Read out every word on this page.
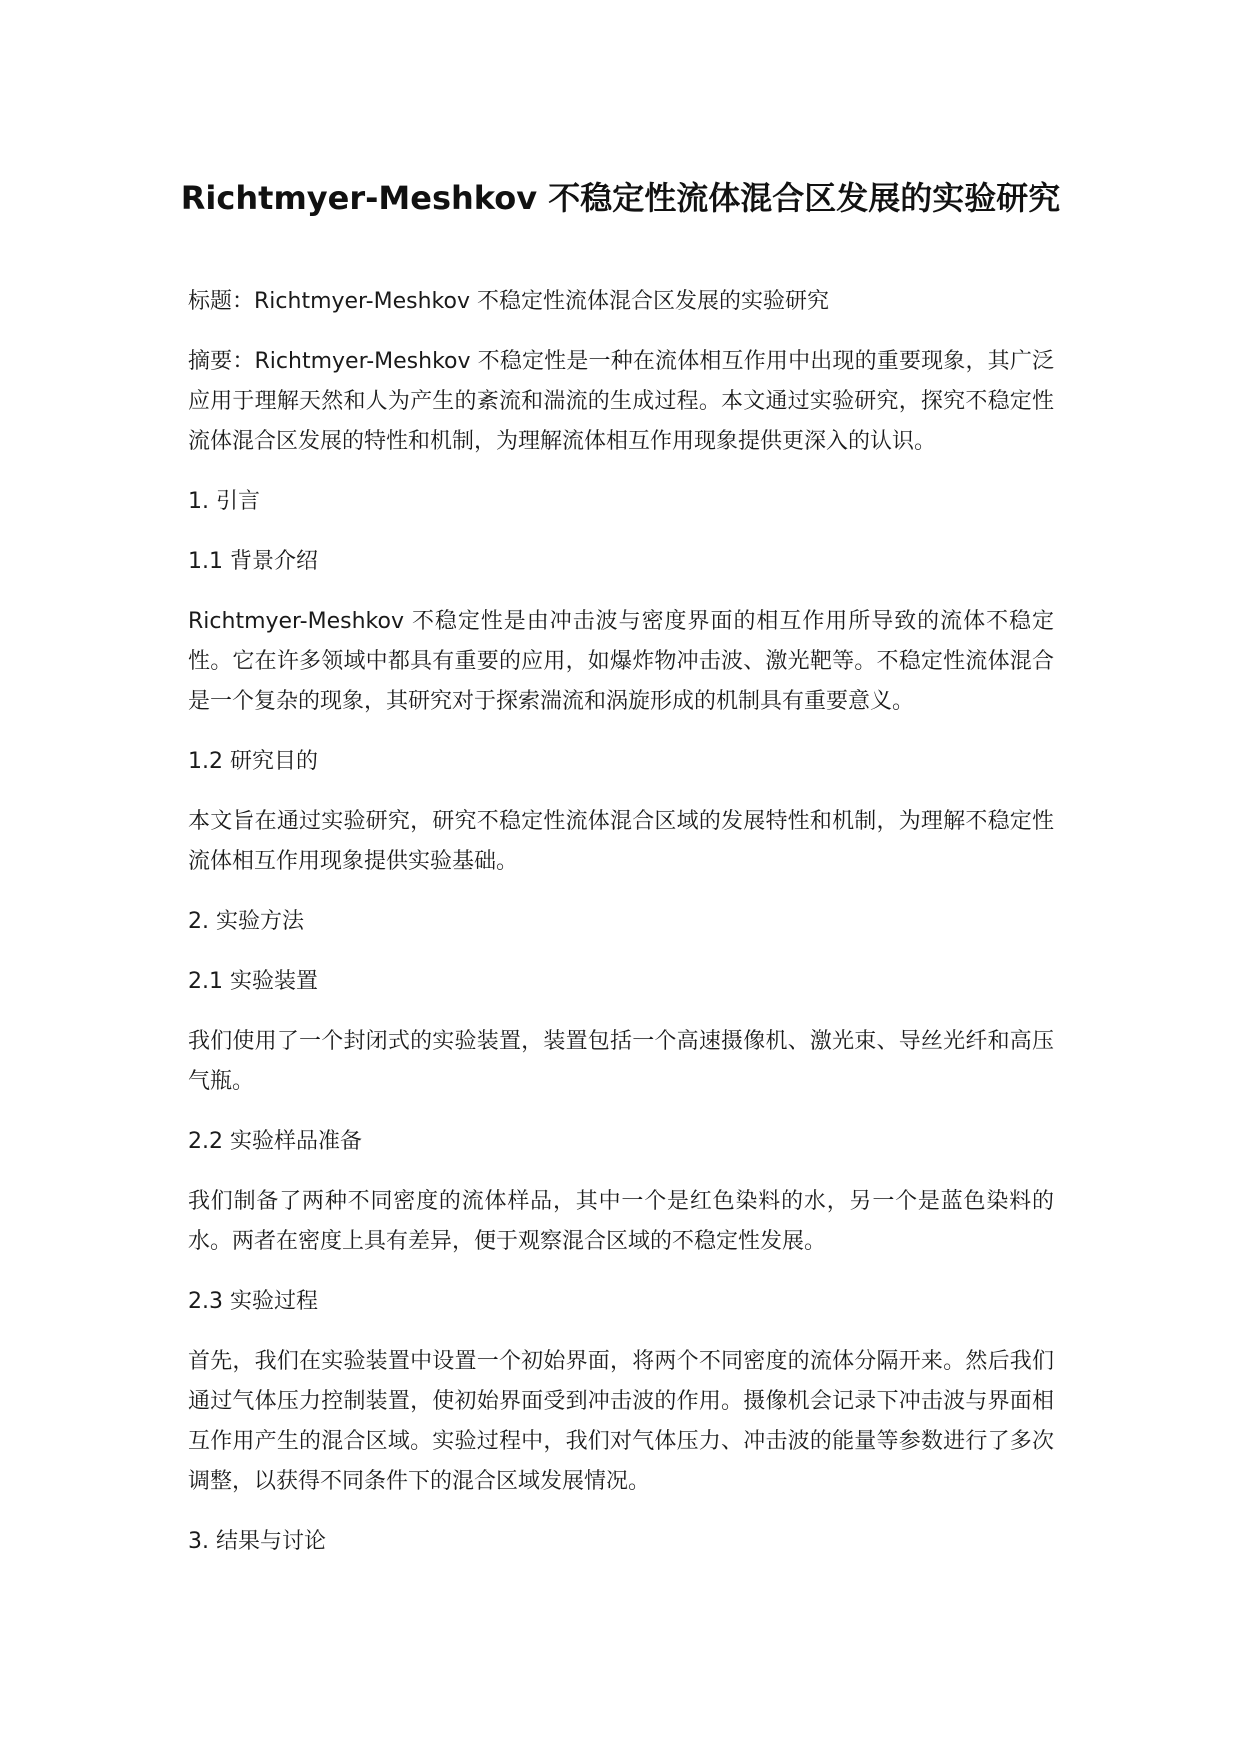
Richtmyer-Meshkov 不稳定性流体混合区发展的实验研究

标题：Richtmyer-Meshkov 不稳定性流体混合区发展的实验研究

摘要：Richtmyer-Meshkov 不稳定性是一种在流体相互作用中出现的重要现象，其广泛应用于理解天然和人为产生的紊流和湍流的生成过程。本文通过实验研究，探究不稳定性流体混合区发展的特性和机制，为理解流体相互作用现象提供更深入的认识。

1. 引言

1.1 背景介绍

Richtmyer-Meshkov 不稳定性是由冲击波与密度界面的相互作用所导致的流体不稳定性。它在许多领域中都具有重要的应用，如爆炸物冲击波、激光靶等。不稳定性流体混合是一个复杂的现象，其研究对于探索湍流和涡旋形成的机制具有重要意义。

1.2 研究目的

本文旨在通过实验研究，研究不稳定性流体混合区域的发展特性和机制，为理解不稳定性流体相互作用现象提供实验基础。

2. 实验方法

2.1 实验装置

我们使用了一个封闭式的实验装置，装置包括一个高速摄像机、激光束、导丝光纤和高压气瓶。

2.2 实验样品准备

我们制备了两种不同密度的流体样品，其中一个是红色染料的水，另一个是蓝色染料的水。两者在密度上具有差异，便于观察混合区域的不稳定性发展。

2.3 实验过程

首先，我们在实验装置中设置一个初始界面，将两个不同密度的流体分隔开来。然后我们通过气体压力控制装置，使初始界面受到冲击波的作用。摄像机会记录下冲击波与界面相互作用产生的混合区域。实验过程中，我们对气体压力、冲击波的能量等参数进行了多次调整，以获得不同条件下的混合区域发展情况。

3. 结果与讨论
